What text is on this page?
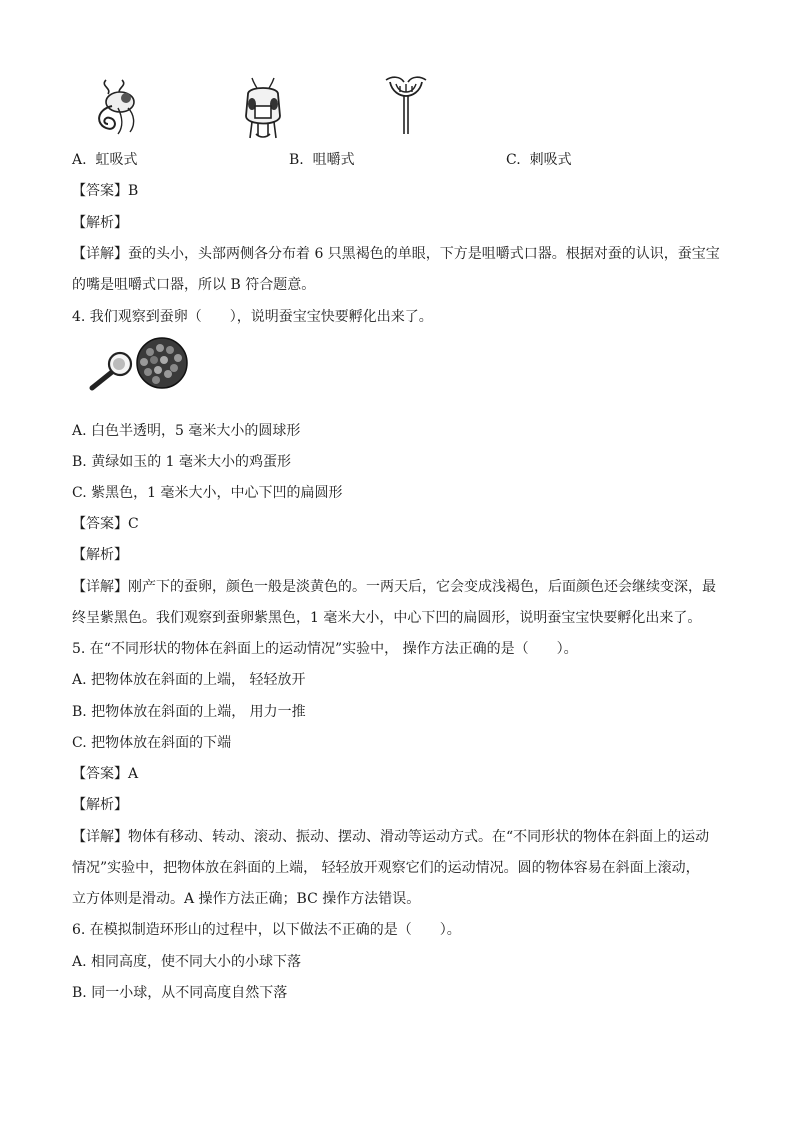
A. 虹吸式	B. 咀嚼式	C. 刺吸式
【答案】B
【解析】
【详解】蚕的头小，头部两侧各分布着 6 只黑褐色的单眼，下方是咀嚼式口器。根据对蚕的认识，蚕宝宝
的嘴是咀嚼式口器，所以 B 符合题意。
4. 我们观察到蚕卵（　　），说明蚕宝宝快要孵化出来了。
A. 白色半透明，5 毫米大小的圆球形
B. 黄绿如玉的 1 毫米大小的鸡蛋形
C. 紫黑色，1 毫米大小，中心下凹的扁圆形
【答案】C
【解析】
【详解】刚产下的蚕卵，颜色一般是淡黄色的。一两天后，它会变成浅褐色，后面颜色还会继续变深，最
终呈紫黑色。我们观察到蚕卵紫黑色，1 毫米大小，中心下凹的扁圆形，说明蚕宝宝快要孵化出来了。
5. 在“不同形状的物体在斜面上的运动情况”实验中， 操作方法正确的是（　　）。
A. 把物体放在斜面的上端， 轻轻放开
B. 把物体放在斜面的上端， 用力一推
C. 把物体放在斜面的下端
【答案】A
【解析】
【详解】物体有移动、转动、滚动、振动、摆动、滑动等运动方式。在“不同形状的物体在斜面上的运动
情况”实验中，把物体放在斜面的上端， 轻轻放开观察它们的运动情况。圆的物体容易在斜面上滚动，
立方体则是滑动。A 操作方法正确；BC 操作方法错误。
6. 在模拟制造环形山的过程中，以下做法不正确的是（　　）。
A. 相同高度，使不同大小的小球下落
B. 同一小球，从不同高度自然下落
